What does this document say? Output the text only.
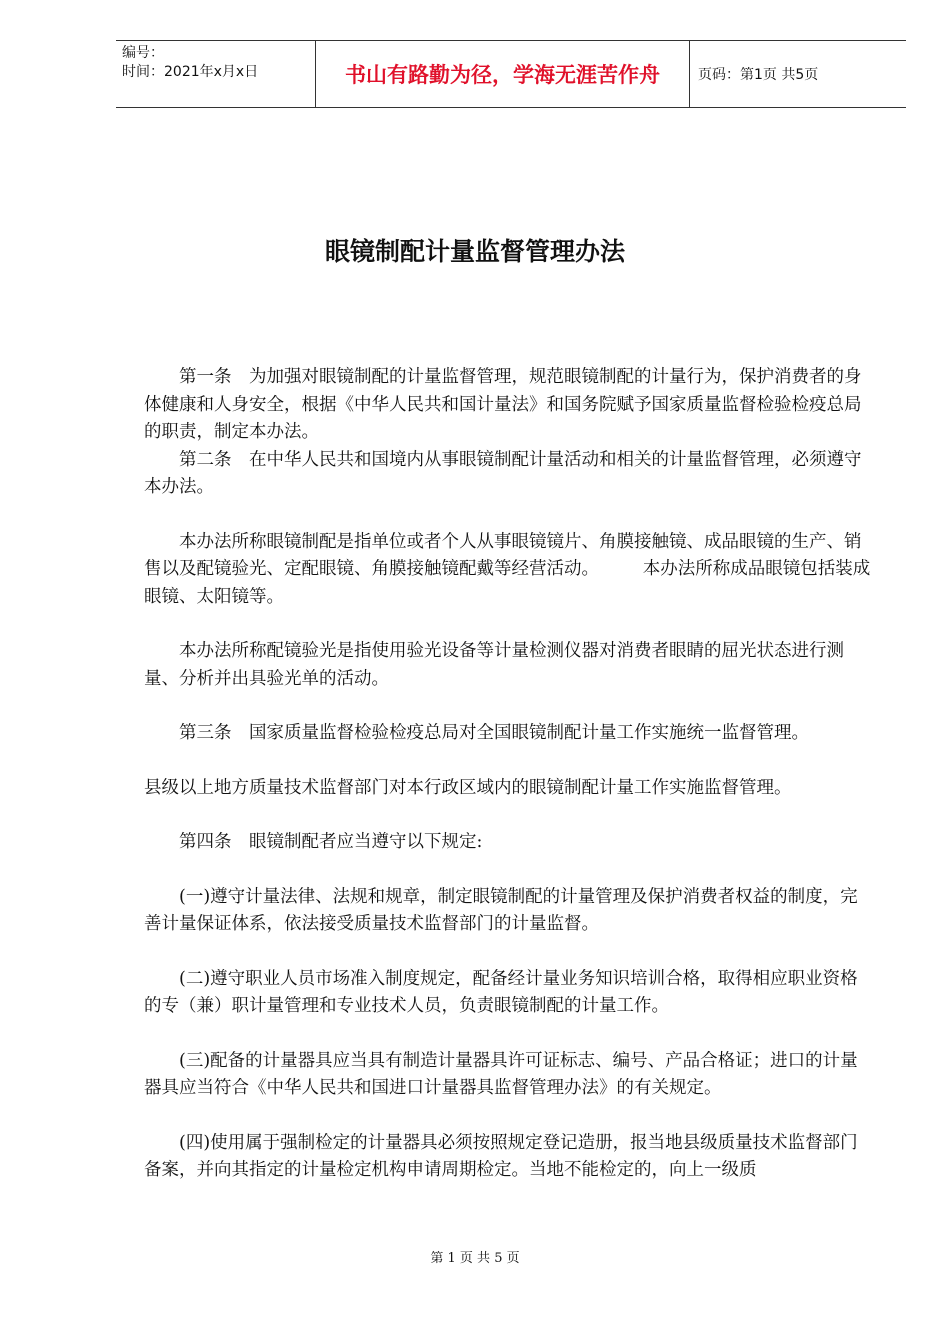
编号：
时间：2021年x月x日	书山有路勤为径，学海无涯苦作舟	页码：第1页 共5页
眼镜制配计量监督管理办法

第一条　为加强对眼镜制配的计量监督管理，规范眼镜制配的计量行为，保护消费者的身体健康和人身安全，根据《中华人民共和国计量法》和国务院赋予国家质量监督检验检疫总局的职责，制定本办法。

第二条　在中华人民共和国境内从事眼镜制配计量活动和相关的计量监督管理，必须遵守本办法。

本办法所称眼镜制配是指单位或者个人从事眼镜镜片、角膜接触镜、成品眼镜的生产、销售以及配镜验光、定配眼镜、角膜接触镜配戴等经营活动。　　　本办法所称成品眼镜包括装成眼镜、太阳镜等。

本办法所称配镜验光是指使用验光设备等计量检测仪器对消费者眼睛的屈光状态进行测量、分析并出具验光单的活动。

第三条　国家质量监督检验检疫总局对全国眼镜制配计量工作实施统一监督管理。

县级以上地方质量技术监督部门对本行政区域内的眼镜制配计量工作实施监督管理。

第四条　眼镜制配者应当遵守以下规定:

(一)遵守计量法律、法规和规章，制定眼镜制配的计量管理及保护消费者权益的制度，完善计量保证体系，依法接受质量技术监督部门的计量监督。

(二)遵守职业人员市场准入制度规定，配备经计量业务知识培训合格，取得相应职业资格的专（兼）职计量管理和专业技术人员，负责眼镜制配的计量工作。

(三)配备的计量器具应当具有制造计量器具许可证标志、编号、产品合格证；进口的计量器具应当符合《中华人民共和国进口计量器具监督管理办法》的有关规定。

(四)使用属于强制检定的计量器具必须按照规定登记造册，报当地县级质量技术监督部门备案，并向其指定的计量检定机构申请周期检定。当地不能检定的，向上一级质

第 1 页 共 5 页
